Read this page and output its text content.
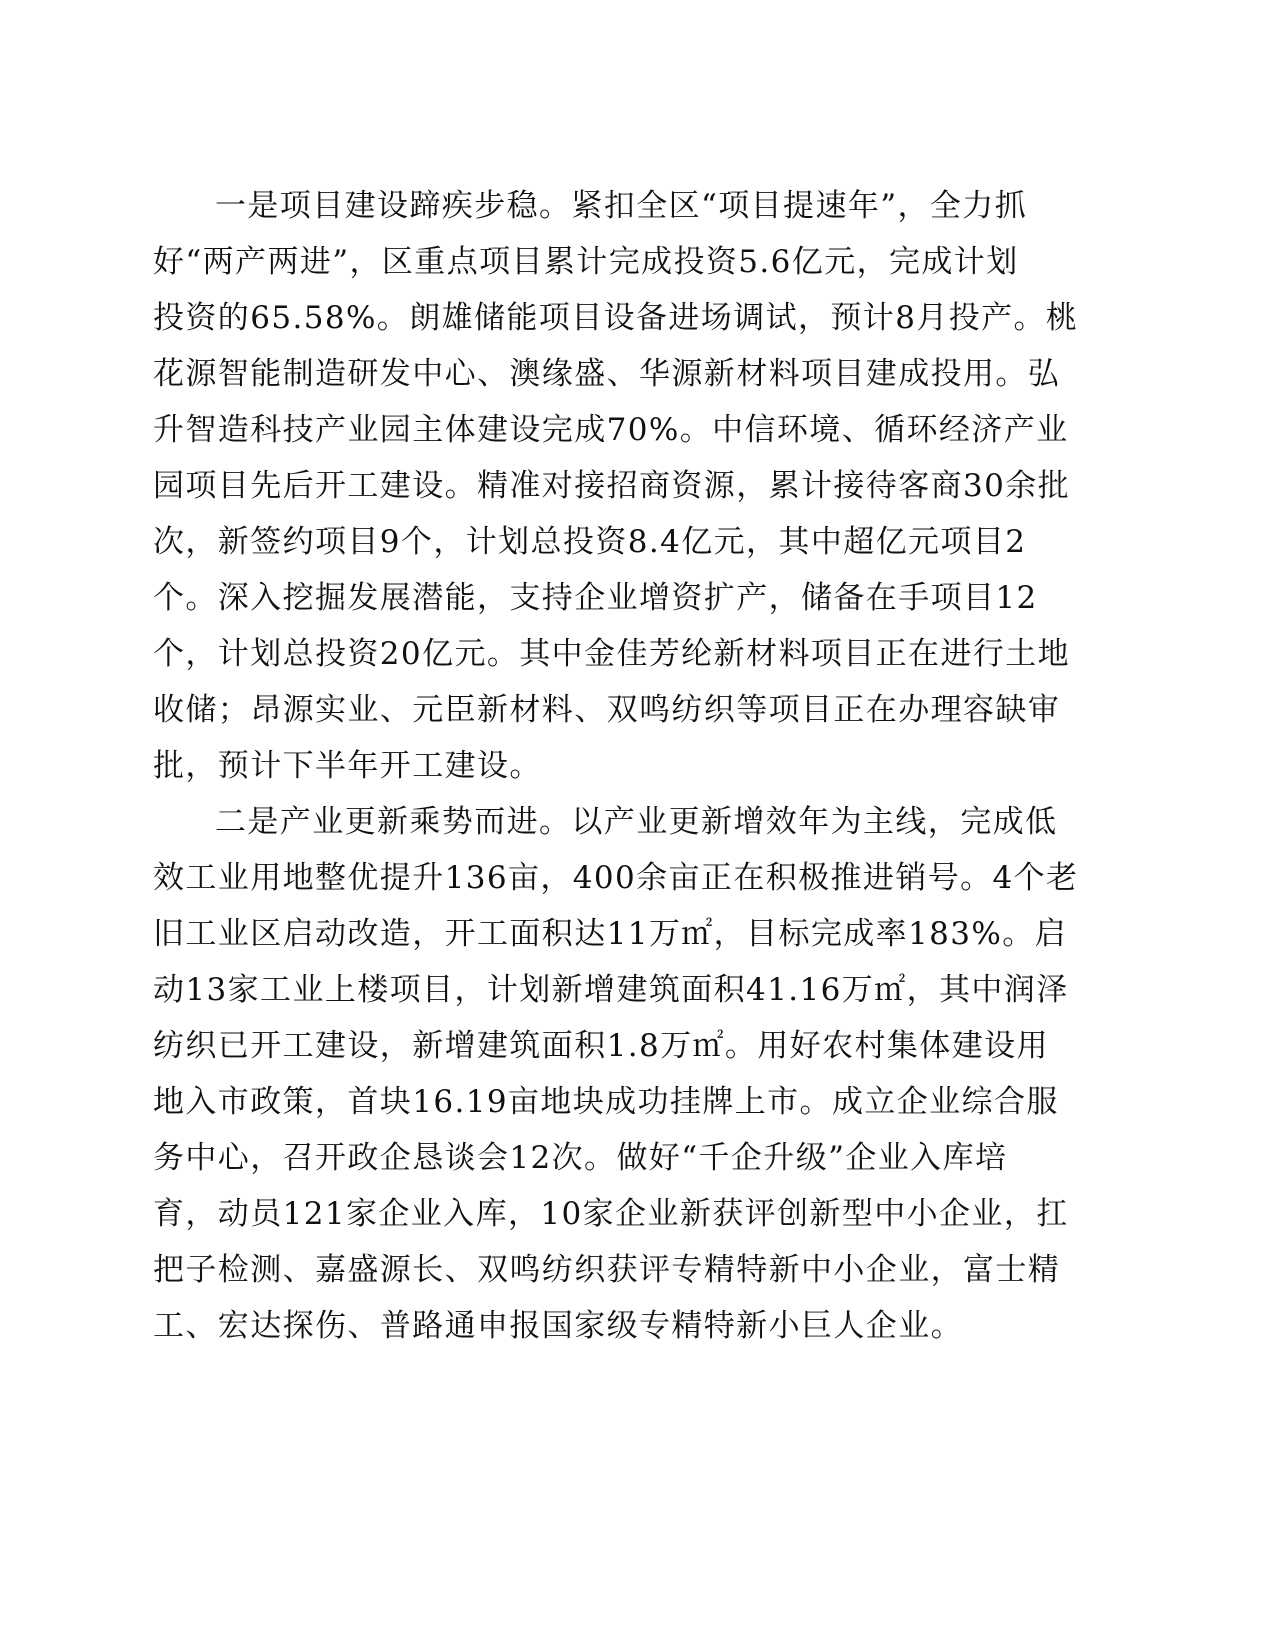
一是项目建设蹄疾步稳。紧扣全区“项目提速年”，全力抓
好“两产两进”，区重点项目累计完成投资5.6亿元，完成计划
投资的65.58%。朗雄储能项目设备进场调试，预计8月投产。桃
花源智能制造研发中心、澳缘盛、华源新材料项目建成投用。弘
升智造科技产业园主体建设完成70%。中信环境、循环经济产业
园项目先后开工建设。精准对接招商资源，累计接待客商30余批
次，新签约项目9个，计划总投资8.4亿元，其中超亿元项目2
个。深入挖掘发展潜能，支持企业增资扩产，储备在手项目12
个，计划总投资20亿元。其中金佳芳纶新材料项目正在进行土地
收储；昂源实业、元臣新材料、双鸣纺织等项目正在办理容缺审
批，预计下半年开工建设。
二是产业更新乘势而进。以产业更新增效年为主线，完成低
效工业用地整优提升136亩，400余亩正在积极推进销号。4个老
旧工业区启动改造，开工面积达11万㎡，目标完成率183%。启
动13家工业上楼项目，计划新增建筑面积41.16万㎡，其中润泽
纺织已开工建设，新增建筑面积1.8万㎡。用好农村集体建设用
地入市政策，首块16.19亩地块成功挂牌上市。成立企业综合服
务中心，召开政企恳谈会12次。做好“千企升级”企业入库培
育，动员121家企业入库，10家企业新获评创新型中小企业，扛
把子检测、嘉盛源长、双鸣纺织获评专精特新中小企业，富士精
工、宏达探伤、普路通申报国家级专精特新小巨人企业。
